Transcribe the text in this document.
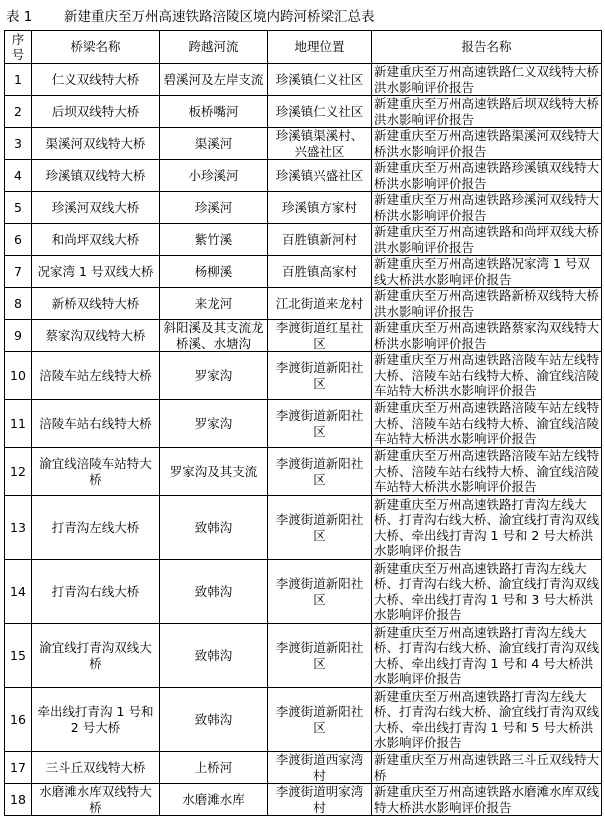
表 1 新建重庆至万州高速铁路涪陵区境内跨河桥梁汇总表
序号	桥梁名称	跨越河流	地理位置	报告名称
1	仁义双线特大桥	碧溪河及左岸支流	珍溪镇仁义社区	新建重庆至万州高速铁路仁义双线特大桥洪水影响评价报告
2	后坝双线特大桥	板桥嘴河	珍溪镇仁义社区	新建重庆至万州高速铁路后坝双线特大桥洪水影响评价报告
3	渠溪河双线特大桥	渠溪河	珍溪镇渠溪村、兴盛社区	新建重庆至万州高速铁路渠溪河双线特大桥洪水影响评价报告
4	珍溪镇双线特大桥	小珍溪河	珍溪镇兴盛社区	新建重庆至万州高速铁路珍溪镇双线特大桥洪水影响评价报告
5	珍溪河双线大桥	珍溪河	珍溪镇方家村	新建重庆至万州高速铁路珍溪河双线特大桥洪水影响评价报告
6	和尚坪双线大桥	紫竹溪	百胜镇新河村	新建重庆至万州高速铁路和尚坪双线大桥洪水影响评价报告
7	况家湾 1 号双线大桥	杨柳溪	百胜镇高家村	新建重庆至万州高速铁路况家湾 1 号双线大桥洪水影响评价报告
8	新桥双线特大桥	来龙河	江北街道来龙村	新建重庆至万州高速铁路新桥双线特大桥洪水影响评价报告
9	蔡家沟双线特大桥	斜阳溪及其支流龙桥溪、水塘沟	李渡街道红星社区	新建重庆至万州高速铁路蔡家沟双线特大桥洪水影响评价报告
10	涪陵车站左线特大桥	罗家沟	李渡街道新阳社区	新建重庆至万州高速铁路涪陵车站左线特大桥、涪陵车站右线特大桥、渝宜线涪陵车站特大桥洪水影响评价报告
11	涪陵车站右线特大桥	罗家沟	李渡街道新阳社区	新建重庆至万州高速铁路涪陵车站左线特大桥、涪陵车站右线特大桥、渝宜线涪陵车站特大桥洪水影响评价报告
12	渝宜线涪陵车站特大桥	罗家沟及其支流	李渡街道新阳社区	新建重庆至万州高速铁路涪陵车站左线特大桥、涪陵车站右线特大桥、渝宜线涪陵车站特大桥洪水影响评价报告
13	打青沟左线大桥	致韩沟	李渡街道新阳社区	新建重庆至万州高速铁路打青沟左线大桥、打青沟右线大桥、渝宜线打青沟双线大桥、牵出线打青沟 1 号和 2 号大桥洪水影响评价报告
14	打青沟右线大桥	致韩沟	李渡街道新阳社区	新建重庆至万州高速铁路打青沟左线大桥、打青沟右线大桥、渝宜线打青沟双线大桥、牵出线打青沟 1 号和 3 号大桥洪水影响评价报告
15	渝宜线打青沟双线大桥	致韩沟	李渡街道新阳社区	新建重庆至万州高速铁路打青沟左线大桥、打青沟右线大桥、渝宜线打青沟双线大桥、牵出线打青沟 1 号和 4 号大桥洪水影响评价报告
16	牵出线打青沟 1 号和 2 号大桥	致韩沟	李渡街道新阳社区	新建重庆至万州高速铁路打青沟左线大桥、打青沟右线大桥、渝宜线打青沟双线大桥、牵出线打青沟 1 号和 5 号大桥洪水影响评价报告
17	三斗丘双线特大桥	上桥河	李渡街道西家湾村	新建重庆至万州高速铁路三斗丘双线特大桥
18	水磨滩水库双线特大桥	水磨滩水库	李渡街道明家湾村	新建重庆至万州高速铁路水磨滩水库双线特大桥洪水影响评价报告
